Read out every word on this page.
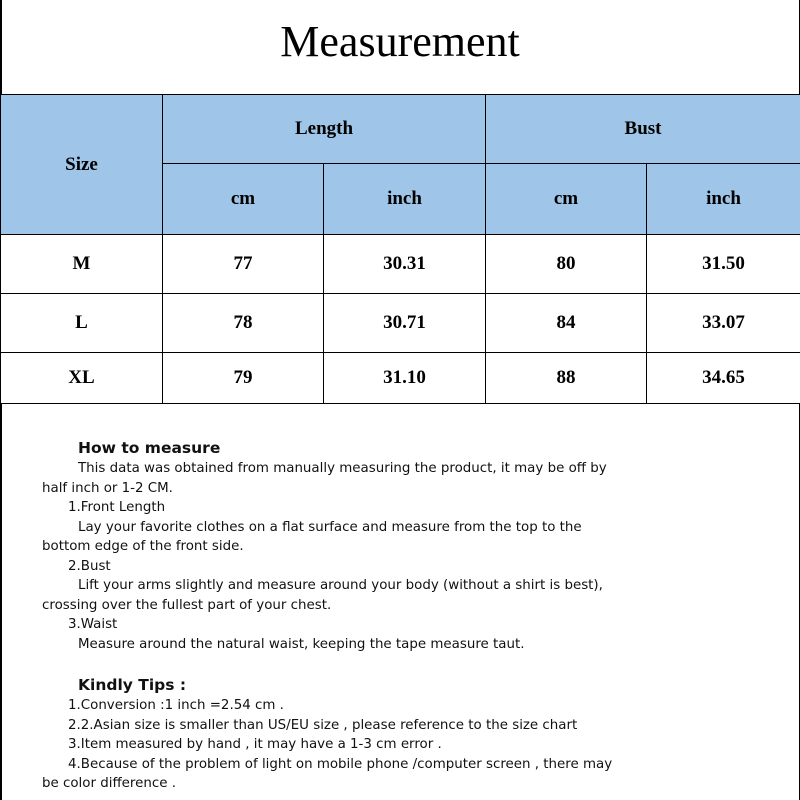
Measurement
Size	Length		Bust	
	cm	inch	cm	inch
M	77	30.31	80	31.50
L	78	30.71	84	33.07
XL	79	31.10	88	34.65

How to measure

This data was obtained from manually measuring the product, it may be off by

half inch or 1-2 CM.

1.Front Length

Lay your favorite clothes on a flat surface and measure from the top to the

bottom edge of the front side.

2.Bust

Lift your arms slightly and measure around your body (without a shirt is best),

crossing over the fullest part of your chest.

3.Waist

Measure around the natural waist, keeping the tape measure taut.

Kindly Tips :

1.Conversion :1 inch =2.54 cm .

2.2.Asian size is smaller than US/EU size , please reference to the size chart

3.Item measured by hand , it may have a 1-3 cm error .

4.Because of the problem of light on mobile phone /computer screen , there may

be color difference .
